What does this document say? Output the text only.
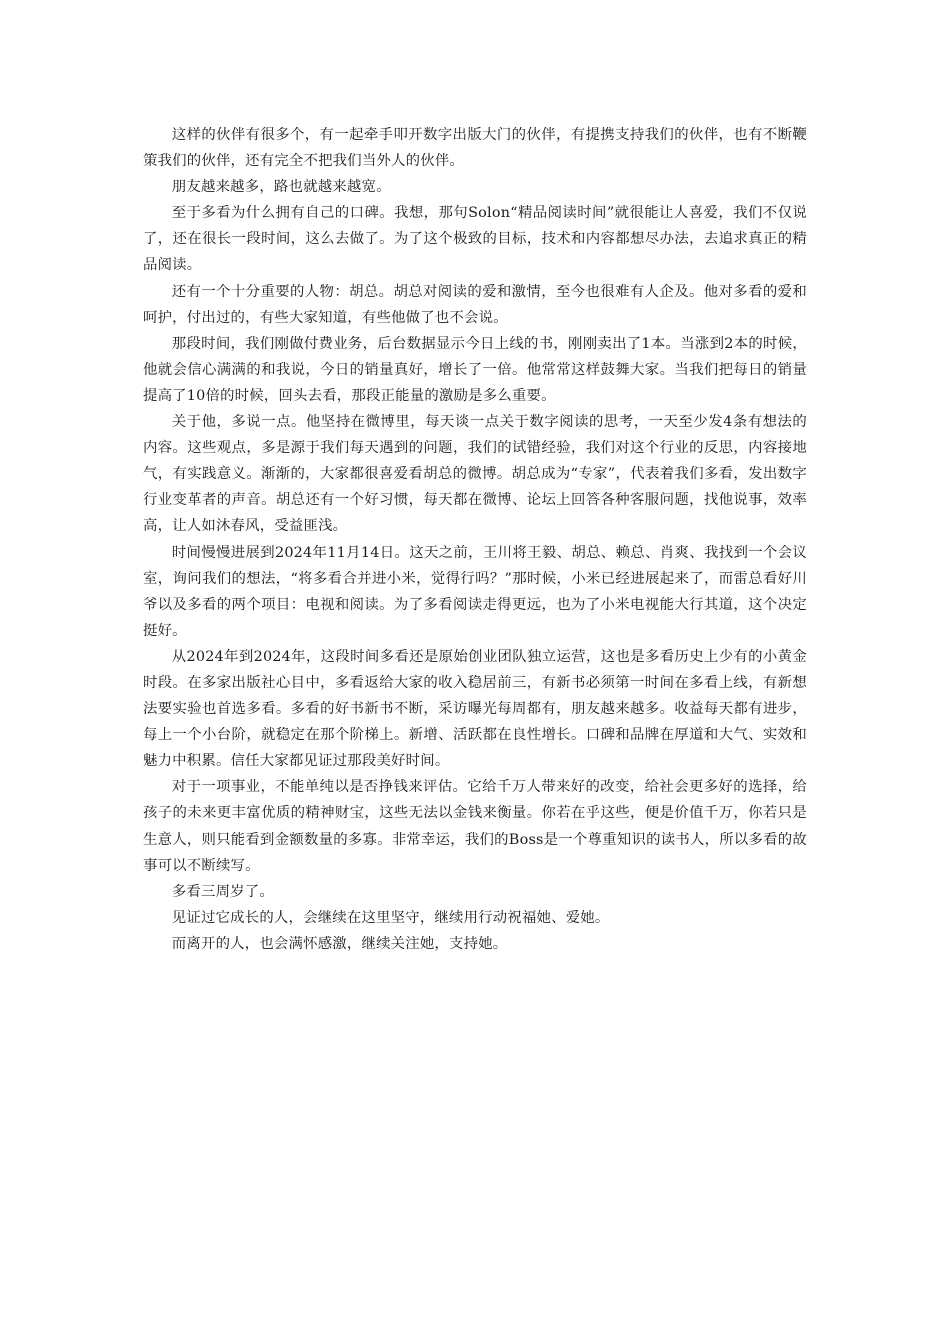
这样的伙伴有很多个，有一起牵手叩开数字出版大门的伙伴，有提携支持我们的伙伴，也有不断鞭策我们的伙伴，还有完全不把我们当外人的伙伴。

朋友越来越多，路也就越来越宽。

至于多看为什么拥有自己的口碑。我想，那句Solon“精品阅读时间”就很能让人喜爱，我们不仅说了，还在很长一段时间，这么去做了。为了这个极致的目标，技术和内容都想尽办法，去追求真正的精品阅读。

还有一个十分重要的人物：胡总。胡总对阅读的爱和激情，至今也很难有人企及。他对多看的爱和呵护，付出过的，有些大家知道，有些他做了也不会说。

那段时间，我们刚做付费业务，后台数据显示今日上线的书，刚刚卖出了1本。当涨到2本的时候，他就会信心满满的和我说，今日的销量真好，增长了一倍。他常常这样鼓舞大家。当我们把每日的销量提高了10倍的时候，回头去看，那段正能量的激励是多么重要。

关于他，多说一点。他坚持在微博里，每天谈一点关于数字阅读的思考，一天至少发4条有想法的内容。这些观点，多是源于我们每天遇到的问题，我们的试错经验，我们对这个行业的反思，内容接地气，有实践意义。渐渐的，大家都很喜爱看胡总的微博。胡总成为“专家”，代表着我们多看，发出数字行业变革者的声音。胡总还有一个好习惯，每天都在微博、论坛上回答各种客服问题，找他说事，效率高，让人如沐春风，受益匪浅。

时间慢慢进展到2024年11月14日。这天之前，王川将王毅、胡总、赖总、肖爽、我找到一个会议室，询问我们的想法，“将多看合并进小米，觉得行吗？”那时候，小米已经进展起来了，而雷总看好川爷以及多看的两个项目：电视和阅读。为了多看阅读走得更远，也为了小米电视能大行其道，这个决定挺好。

从2024年到2024年，这段时间多看还是原始创业团队独立运营，这也是多看历史上少有的小黄金时段。在多家出版社心目中，多看返给大家的收入稳居前三，有新书必须第一时间在多看上线，有新想法要实验也首选多看。多看的好书新书不断，采访曝光每周都有，朋友越来越多。收益每天都有进步，每上一个小台阶，就稳定在那个阶梯上。新增、活跃都在良性增长。口碑和品牌在厚道和大气、实效和魅力中积累。信任大家都见证过那段美好时间。

对于一项事业，不能单纯以是否挣钱来评估。它给千万人带来好的改变，给社会更多好的选择，给孩子的未来更丰富优质的精神财宝，这些无法以金钱来衡量。你若在乎这些，便是价值千万，你若只是生意人，则只能看到金额数量的多寡。非常幸运，我们的Boss是一个尊重知识的读书人，所以多看的故事可以不断续写。

多看三周岁了。

见证过它成长的人，会继续在这里坚守，继续用行动祝福她、爱她。

而离开的人，也会满怀感激，继续关注她，支持她。
